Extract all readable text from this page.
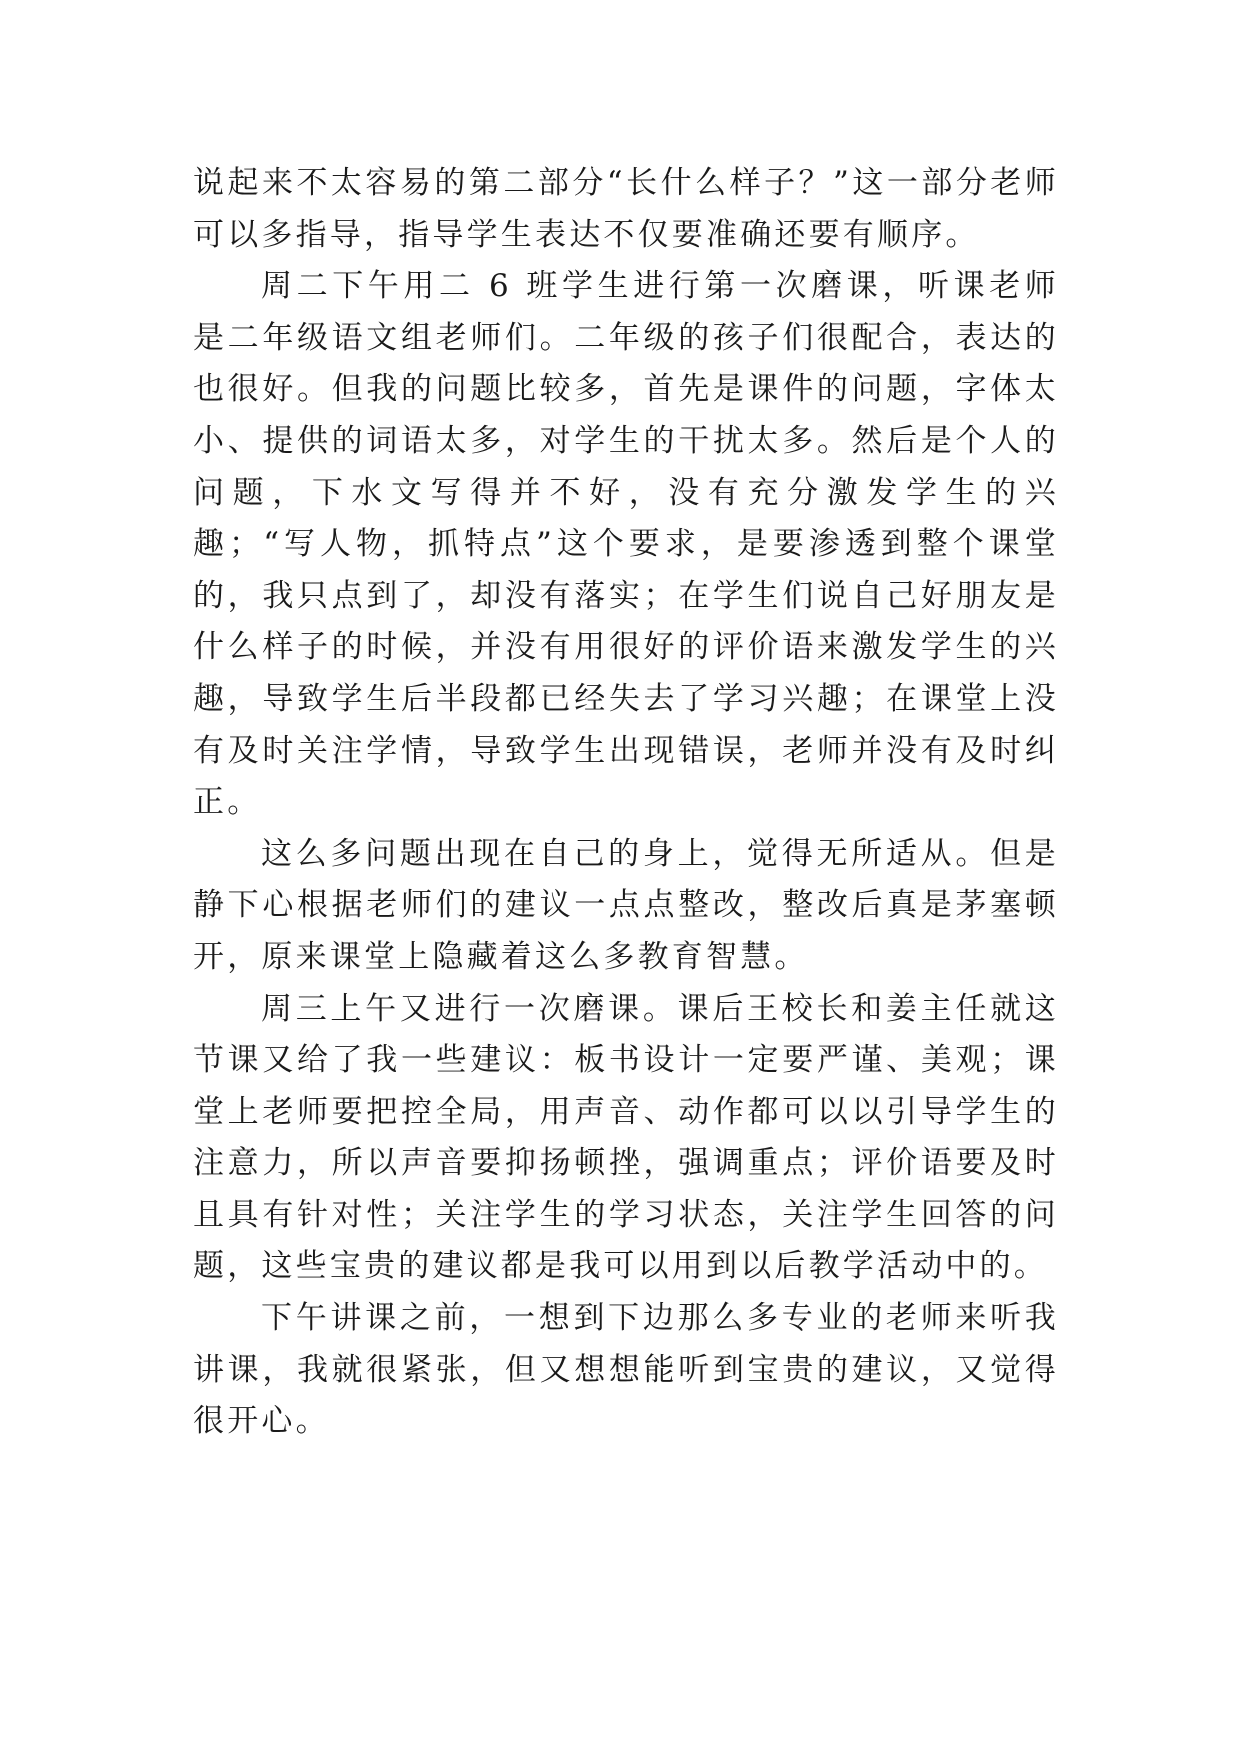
说起来不太容易的第二部分“长什么样子？”这一部分老师可以多指导，指导学生表达不仅要准确还要有顺序。

周二下午用二 6 班学生进行第一次磨课，听课老师是二年级语文组老师们。二年级的孩子们很配合，表达的也很好。但我的问题比较多，首先是课件的问题，字体太小、提供的词语太多，对学生的干扰太多。然后是个人的问题，下水文写得并不好，没有充分激发学生的兴趣；“写人物，抓特点”这个要求，是要渗透到整个课堂的，我只点到了，却没有落实；在学生们说自己好朋友是什么样子的时候，并没有用很好的评价语来激发学生的兴趣，导致学生后半段都已经失去了学习兴趣；在课堂上没有及时关注学情，导致学生出现错误，老师并没有及时纠正。

这么多问题出现在自己的身上，觉得无所适从。但是静下心根据老师们的建议一点点整改，整改后真是茅塞顿开，原来课堂上隐藏着这么多教育智慧。

周三上午又进行一次磨课。课后王校长和姜主任就这节课又给了我一些建议：板书设计一定要严谨、美观；课堂上老师要把控全局，用声音、动作都可以以引导学生的注意力，所以声音要抑扬顿挫，强调重点；评价语要及时且具有针对性；关注学生的学习状态，关注学生回答的问题，这些宝贵的建议都是我可以用到以后教学活动中的。

下午讲课之前，一想到下边那么多专业的老师来听我讲课，我就很紧张，但又想想能听到宝贵的建议，又觉得很开心。
